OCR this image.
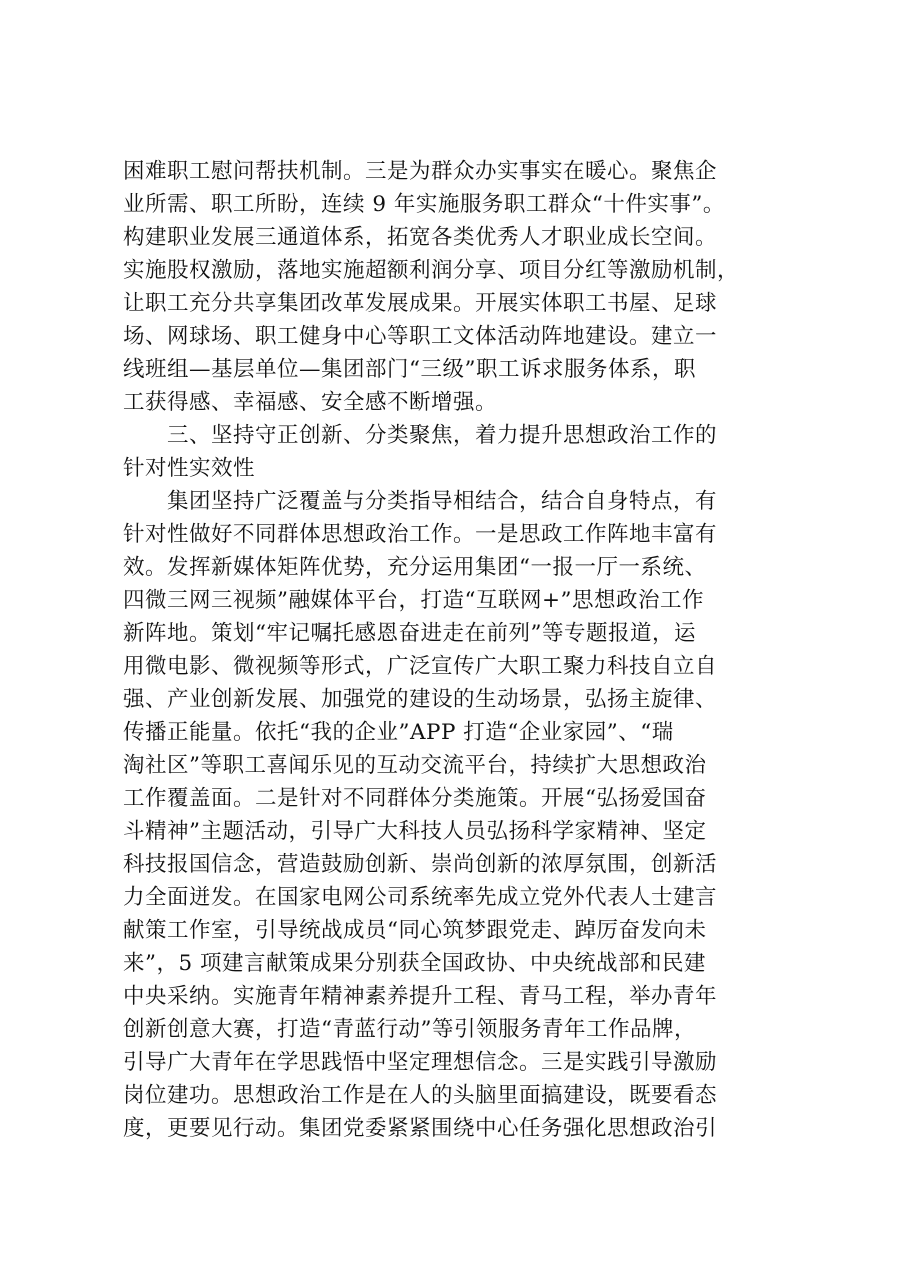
困难职工慰问帮扶机制。三是为群众办实事实在暖心。聚焦企
业所需、职工所盼，连续 9 年实施服务职工群众“十件实事”。
构建职业发展三通道体系，拓宽各类优秀人才职业成长空间。
实施股权激励，落地实施超额利润分享、项目分红等激励机制，
让职工充分共享集团改革发展成果。开展实体职工书屋、足球
场、网球场、职工健身中心等职工文体活动阵地建设。建立一
线班组—基层单位—集团部门“三级”职工诉求服务体系，职
工获得感、幸福感、安全感不断增强。
三、坚持守正创新、分类聚焦，着力提升思想政治工作的
针对性实效性
集团坚持广泛覆盖与分类指导相结合，结合自身特点，有
针对性做好不同群体思想政治工作。一是思政工作阵地丰富有
效。发挥新媒体矩阵优势，充分运用集团“一报一厅一系统、
四微三网三视频”融媒体平台，打造“互联网+”思想政治工作
新阵地。策划“牢记嘱托感恩奋进走在前列”等专题报道，运
用微电影、微视频等形式，广泛宣传广大职工聚力科技自立自
强、产业创新发展、加强党的建设的生动场景，弘扬主旋律、
传播正能量。依托“我的企业”APP 打造“企业家园”、“瑞
淘社区”等职工喜闻乐见的互动交流平台，持续扩大思想政治
工作覆盖面。二是针对不同群体分类施策。开展“弘扬爱国奋
斗精神”主题活动，引导广大科技人员弘扬科学家精神、坚定
科技报国信念，营造鼓励创新、崇尚创新的浓厚氛围，创新活
力全面迸发。在国家电网公司系统率先成立党外代表人士建言
献策工作室，引导统战成员“同心筑梦跟党走、踔厉奋发向未
来”，5 项建言献策成果分别获全国政协、中央统战部和民建
中央采纳。实施青年精神素养提升工程、青马工程，举办青年
创新创意大赛，打造“青蓝行动”等引领服务青年工作品牌，
引导广大青年在学思践悟中坚定理想信念。三是实践引导激励
岗位建功。思想政治工作是在人的头脑里面搞建设，既要看态
度，更要见行动。集团党委紧紧围绕中心任务强化思想政治引
